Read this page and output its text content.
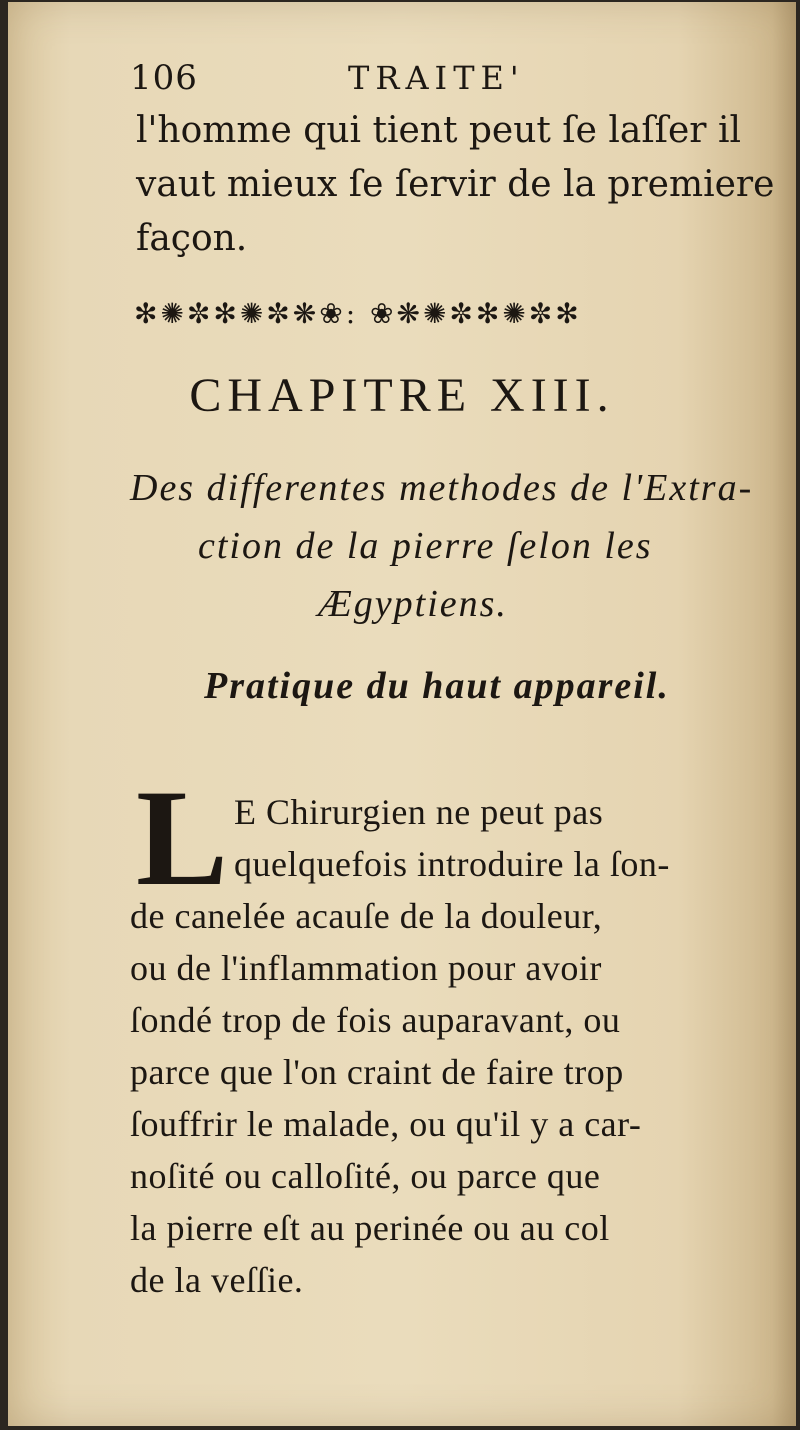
106	TRAITE'
l'homme qui tient peut ſe laſſer il
vaut mieux ſe ſervir de la premiere
façon.
✻✺✼✻✺✼❋❀: ❀❋✺✼✻✺✼✻
CHAPITRE XIII.
Des differentes methodes de l'Extra-
ction de la pierre ſelon les
Ægyptiens.
Pratique du haut appareil.
L E Chirurgien ne peut pas
quelquefois introduire la ſon-
de canelée acauſe de la douleur,
ou de l'inflammation pour avoir
ſondé trop de fois auparavant, ou
parce que l'on craint de faire trop
ſouffrir le malade, ou qu'il y a car-
noſité ou calloſité, ou parce que
la pierre eſt au perinée ou au col
de la veſſie.
